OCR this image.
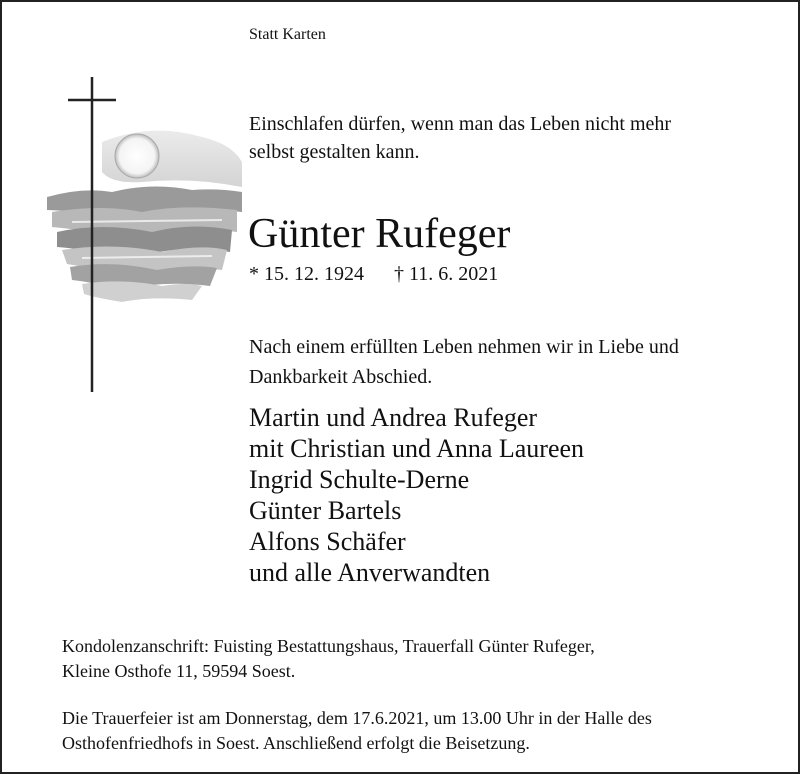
Statt Karten
Einschlafen dürfen, wenn man das Leben nicht mehr
selbst gestalten kann.
Günter Rufeger
* 15. 12. 1924 † 11. 6. 2021
Nach einem erfüllten Leben nehmen wir in Liebe und
Dankbarkeit Abschied.
Martin und Andrea Rufeger
mit Christian und Anna Laureen
Ingrid Schulte-Derne
Günter Bartels
Alfons Schäfer
und alle Anverwandten
Kondolenzanschrift: Fuisting Bestattungshaus, Trauerfall Günter Rufeger,
Kleine Osthofe 11, 59594 Soest.
Die Trauerfeier ist am Donnerstag, dem 17.6.2021, um 13.00 Uhr in der Halle des
Osthofenfriedhofs in Soest. Anschließend erfolgt die Beisetzung.
